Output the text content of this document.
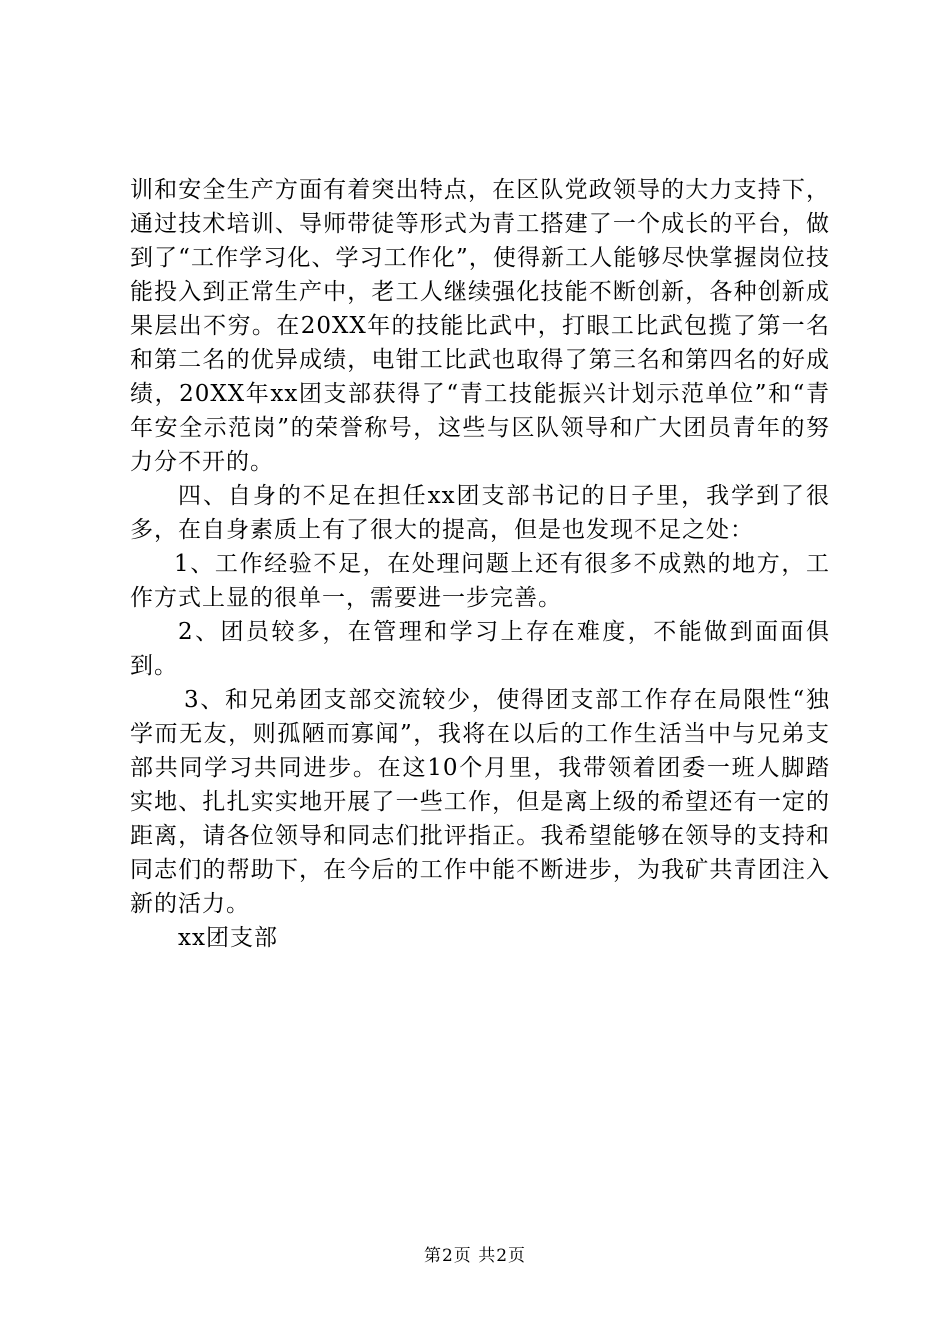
训和安全生产方面有着突出特点，在区队党政领导的大力支持下，通过技术培训、导师带徒等形式为青工搭建了一个成长的平台，做到了“工作学习化、学习工作化”，使得新工人能够尽快掌握岗位技能投入到正常生产中，老工人继续强化技能不断创新，各种创新成果层出不穷。在20XX年的技能比武中，打眼工比武包揽了第一名和第二名的优异成绩，电钳工比武也取得了第三名和第四名的好成绩，20XX年xx团支部获得了“青工技能振兴计划示范单位”和“青年安全示范岗”的荣誉称号，这些与区队领导和广大团员青年的努力分不开的。

四、自身的不足在担任xx团支部书记的日子里，我学到了很多，在自身素质上有了很大的提高，但是也发现不足之处：

1、工作经验不足，在处理问题上还有很多不成熟的地方，工作方式上显的很单一，需要进一步完善。

2、团员较多，在管理和学习上存在难度，不能做到面面俱到。

3、和兄弟团支部交流较少，使得团支部工作存在局限性“独学而无友，则孤陋而寡闻”，我将在以后的工作生活当中与兄弟支部共同学习共同进步。在这10个月里，我带领着团委一班人脚踏实地、扎扎实实地开展了一些工作，但是离上级的希望还有一定的距离，请各位领导和同志们批评指正。我希望能够在领导的支持和同志们的帮助下，在今后的工作中能不断进步，为我矿共青团注入新的活力。

xx团支部

第2页 共2页
